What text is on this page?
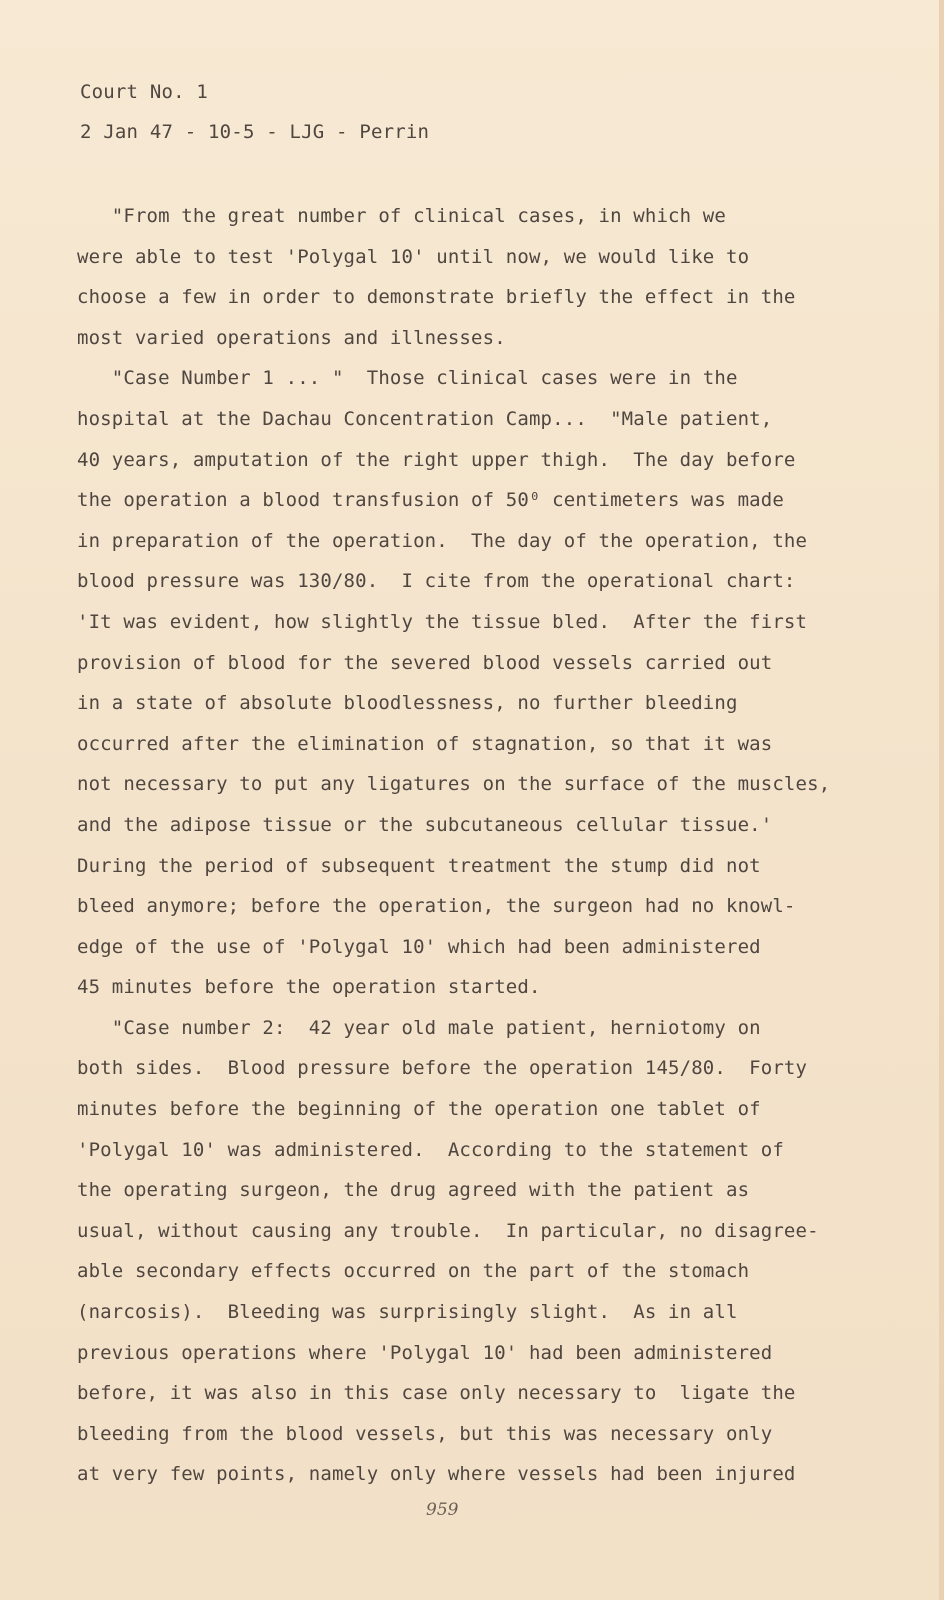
Court No. 1
2 Jan 47 - 10-5 - LJG - Perrin
"From the great number of clinical cases, in which we
were able to test 'Polygal 10' until now, we would like to
choose a few in order to demonstrate briefly the effect in the
most varied operations and illnesses.
"Case Number 1 ... "  Those clinical cases were in the
hospital at the Dachau Concentration Camp...  "Male patient,
40 years, amputation of the right upper thigh.  The day before
the operation a blood transfusion of 50⁰ centimeters was made
in preparation of the operation.  The day of the operation, the
blood pressure was 130/80.  I cite from the operational chart:
'It was evident, how slightly the tissue bled.  After the first
provision of blood for the severed blood vessels carried out
in a state of absolute bloodlessness, no further bleeding
occurred after the elimination of stagnation, so that it was
not necessary to put any ligatures on the surface of the muscles,
and the adipose tissue or the subcutaneous cellular tissue.'
During the period of subsequent treatment the stump did not
bleed anymore; before the operation, the surgeon had no knowl-
edge of the use of 'Polygal 10' which had been administered
45 minutes before the operation started.
"Case number 2:  42 year old male patient, herniotomy on
both sides.  Blood pressure before the operation 145/80.  Forty
minutes before the beginning of the operation one tablet of
'Polygal 10' was administered.  According to the statement of
the operating surgeon, the drug agreed with the patient as
usual, without causing any trouble.  In particular, no disagree-
able secondary effects occurred on the part of the stomach
(narcosis).  Bleeding was surprisingly slight.  As in all
previous operations where 'Polygal 10' had been administered
before, it was also in this case only necessary to  ligate the
bleeding from the blood vessels, but this was necessary only
at very few points, namely only where vessels had been injured
959
